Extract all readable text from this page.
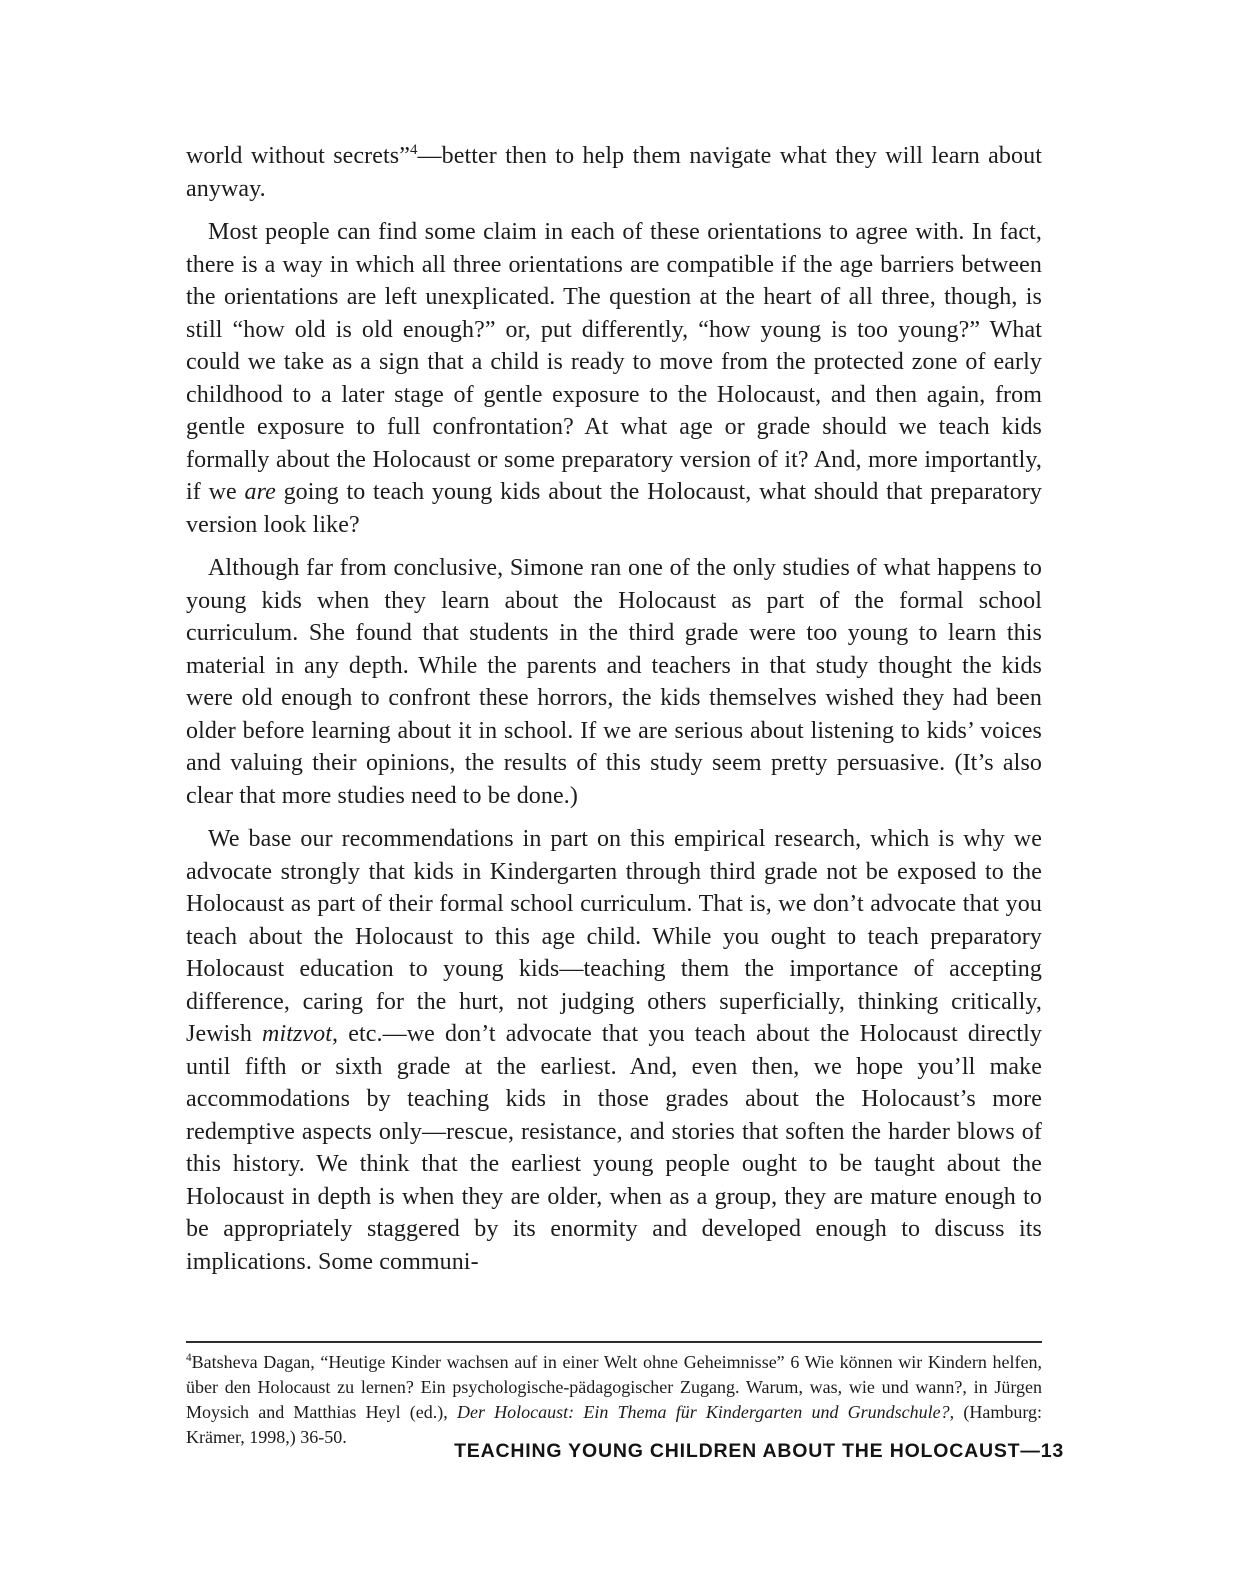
world without secrets”$^4$—better then to help them navigate what they will learn about anyway.

Most people can find some claim in each of these orientations to agree with. In fact, there is a way in which all three orientations are compatible if the age barriers between the orientations are left unexplicated. The question at the heart of all three, though, is still “how old is old enough?” or, put differently, “how young is too young?” What could we take as a sign that a child is ready to move from the protected zone of early childhood to a later stage of gentle exposure to the Holocaust, and then again, from gentle exposure to full confrontation? At what age or grade should we teach kids formally about the Holocaust or some preparatory version of it? And, more importantly, if we are going to teach young kids about the Holocaust, what should that preparatory version look like?

Although far from conclusive, Simone ran one of the only studies of what happens to young kids when they learn about the Holocaust as part of the formal school curriculum. She found that students in the third grade were too young to learn this material in any depth. While the parents and teachers in that study thought the kids were old enough to confront these horrors, the kids themselves wished they had been older before learning about it in school. If we are serious about listening to kids’ voices and valuing their opinions, the results of this study seem pretty persuasive. (It’s also clear that more studies need to be done.)

We base our recommendations in part on this empirical research, which is why we advocate strongly that kids in Kindergarten through third grade not be exposed to the Holocaust as part of their formal school curriculum. That is, we don’t advocate that you teach about the Holocaust to this age child. While you ought to teach preparatory Holocaust education to young kids—teaching them the importance of accepting difference, caring for the hurt, not judging others superficially, thinking critically, Jewish mitzvot, etc.—we don’t advocate that you teach about the Holocaust directly until fifth or sixth grade at the earliest. And, even then, we hope you’ll make accommodations by teaching kids in those grades about the Holocaust’s more redemptive aspects only—rescue, resistance, and stories that soften the harder blows of this history. We think that the earliest young people ought to be taught about the Holocaust in depth is when they are older, when as a group, they are mature enough to be appropriately staggered by its enormity and developed enough to discuss its implications. Some communi-

$^4$Batsheva Dagan, “Heutige Kinder wachsen auf in einer Welt ohne Geheimnisse” 6 Wie können wir Kindern helfen, über den Holocaust zu lernen? Ein psychologische-pädagogischer Zugang. Warum, was, wie und wann?, in Jürgen Moysich and Matthias Heyl (ed.), Der Holocaust: Ein Thema für Kindergarten und Grundschule?, (Hamburg: Krämer, 1998,) 36-50.
TEACHING YOUNG CHILDREN ABOUT THE HOLOCAUST—13
